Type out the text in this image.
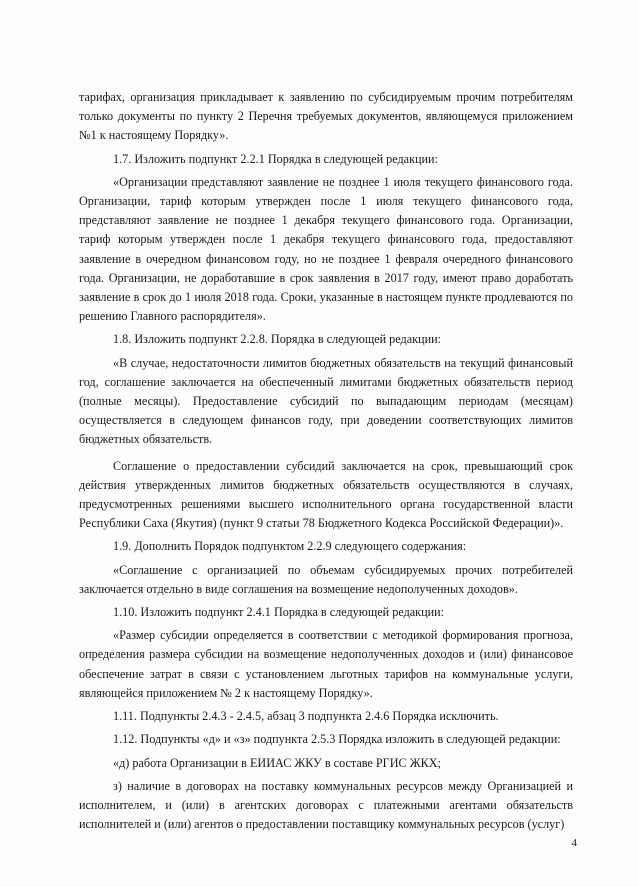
тарифах, организация прикладывает к заявлению по субсидируемым прочим потребителям только документы по пункту 2 Перечня требуемых документов, являющемуся приложением №1 к настоящему Порядку».

1.7. Изложить подпункт 2.2.1 Порядка в следующей редакции:

«Организации представляют заявление не позднее 1 июля текущего финансового года. Организации, тариф которым утвержден после 1 июля текущего финансового года, представляют заявление не позднее 1 декабря текущего финансового года. Организации, тариф которым утвержден после 1 декабря текущего финансового года, предоставляют заявление в очередном финансовом году, но не позднее 1 февраля очередного финансового года. Организации, не доработавшие в срок заявления в 2017 году, имеют право доработать заявление в срок до 1 июля 2018 года. Сроки, указанные в настоящем пункте продлеваются по решению Главного распорядителя».

1.8. Изложить подпункт 2.2.8. Порядка в следующей редакции:

«В случае, недостаточности лимитов бюджетных обязательств на текущий финансовый год, соглашение заключается на обеспеченный лимитами бюджетных обязательств период (полные месяцы). Предоставление субсидий по выпадающим периодам (месяцам) осуществляется в следующем финансов году, при доведении соответствующих лимитов бюджетных обязательств.

Соглашение о предоставлении субсидий заключается на срок, превышающий срок действия утвержденных лимитов бюджетных обязательств осуществляются в случаях, предусмотренных решениями высшего исполнительного органа государственной власти Республики Саха (Якутия) (пункт 9 статьи 78 Бюджетного Кодекса Российской Федерации)».

1.9. Дополнить Порядок подпунктом 2.2.9 следующего содержания:

«Соглашение с организацией по объемам субсидируемых прочих потребителей заключается отдельно в виде соглашения на возмещение недополученных доходов».

1.10. Изложить подпункт 2.4.1 Порядка в следующей редакции:

«Размер субсидии определяется в соответствии с методикой формирования прогноза, определения размера субсидии на возмещение недополученных доходов и (или) финансовое обеспечение затрат в связи с установлением льготных тарифов на коммунальные услуги, являющейся приложением № 2 к настоящему Порядку».

1.11. Подпункты 2.4.3 - 2.4.5, абзац 3 подпункта 2.4.6 Порядка исключить.

1.12. Подпункты «д» и «з» подпункта 2.5.3 Порядка изложить в следующей редакции:

«д) работа Организации в ЕИИАС ЖКУ в составе РГИС ЖКХ;

з) наличие в договорах на поставку коммунальных ресурсов между Организацией и исполнителем, и (или) в агентских договорах с платежными агентами обязательств исполнителей и (или) агентов о предоставлении поставщику коммунальных ресурсов (услуг)

4
